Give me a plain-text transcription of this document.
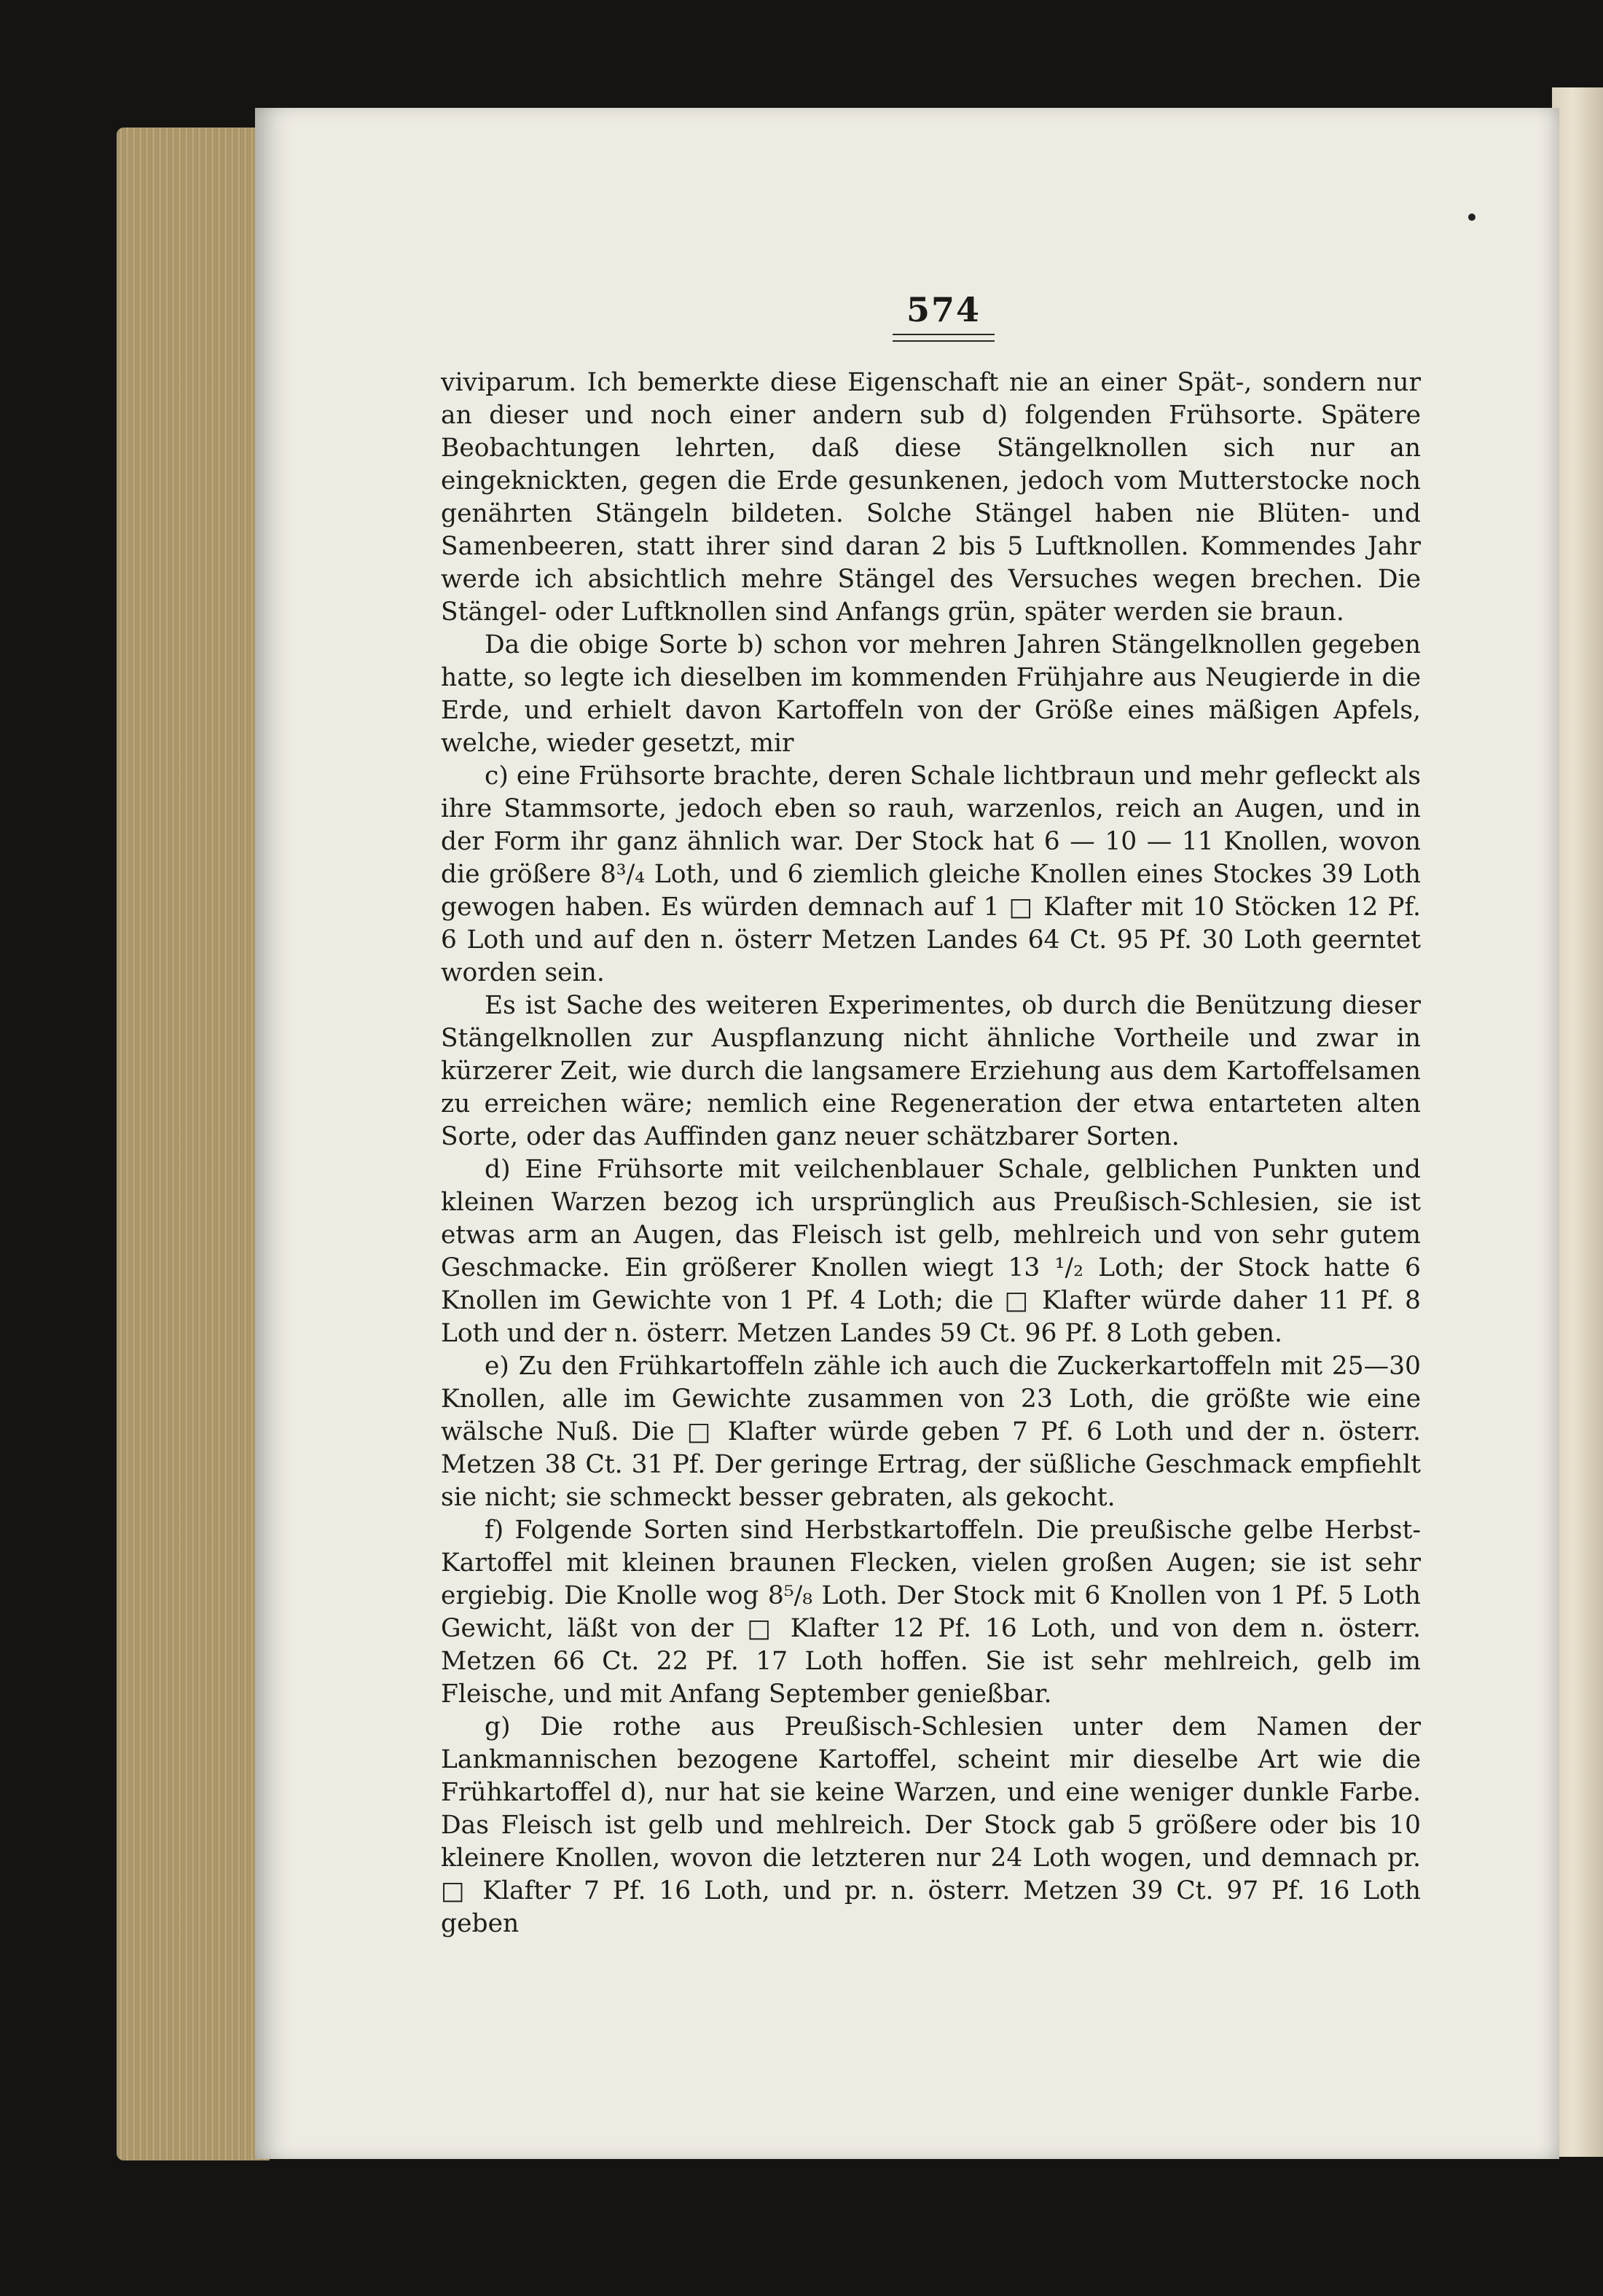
574

viviparum. Ich bemerkte diese Eigenschaft nie an einer Spät-, sondern nur an dieser und noch einer andern sub d) folgenden Frühsorte. Spätere Beobachtungen lehrten, daß diese Stängelknollen sich nur an eingeknickten, gegen die Erde gesunkenen, jedoch vom Mutterstocke noch genährten Stängeln bildeten. Solche Stängel haben nie Blüten- und Samenbeeren, statt ihrer sind daran 2 bis 5 Luftknollen. Kommendes Jahr werde ich absichtlich mehre Stängel des Versuches wegen brechen. Die Stängel- oder Luftknollen sind Anfangs grün, später werden sie braun.

Da die obige Sorte b) schon vor mehren Jahren Stängelknollen gegeben hatte, so legte ich dieselben im kommenden Frühjahre aus Neugierde in die Erde, und erhielt davon Kartoffeln von der Größe eines mäßigen Apfels, welche, wieder gesetzt, mir

c) eine Frühsorte brachte, deren Schale lichtbraun und mehr gefleckt als ihre Stammsorte, jedoch eben so rauh, warzenlos, reich an Augen, und in der Form ihr ganz ähnlich war. Der Stock hat 6 — 10 — 11 Knollen, wovon die größere 8³/₄ Loth, und 6 ziemlich gleiche Knollen eines Stockes 39 Loth gewogen haben. Es würden demnach auf 1 □ Klafter mit 10 Stöcken 12 Pf. 6 Loth und auf den n. österr Metzen Landes 64 Ct. 95 Pf. 30 Loth geerntet worden sein.

Es ist Sache des weiteren Experimentes, ob durch die Benützung dieser Stängelknollen zur Auspflanzung nicht ähnliche Vortheile und zwar in kürzerer Zeit, wie durch die langsamere Erziehung aus dem Kartoffelsamen zu erreichen wäre; nemlich eine Regeneration der etwa entarteten alten Sorte, oder das Auffinden ganz neuer schätzbarer Sorten.

d) Eine Frühsorte mit veilchenblauer Schale, gelblichen Punkten und kleinen Warzen bezog ich ursprünglich aus Preußisch-Schlesien, sie ist etwas arm an Augen, das Fleisch ist gelb, mehlreich und von sehr gutem Geschmacke. Ein größerer Knollen wiegt 13 ¹/₂ Loth; der Stock hatte 6 Knollen im Gewichte von 1 Pf. 4 Loth; die □ Klafter würde daher 11 Pf. 8 Loth und der n. österr. Metzen Landes 59 Ct. 96 Pf. 8 Loth geben.

e) Zu den Frühkartoffeln zähle ich auch die Zuckerkartoffeln mit 25—30 Knollen, alle im Gewichte zusammen von 23 Loth, die größte wie eine wälsche Nuß. Die □ Klafter würde geben 7 Pf. 6 Loth und der n. österr. Metzen 38 Ct. 31 Pf. Der geringe Ertrag, der süßliche Geschmack empfiehlt sie nicht; sie schmeckt besser gebraten, als gekocht.

f) Folgende Sorten sind Herbstkartoffeln. Die preußische gelbe Herbst-Kartoffel mit kleinen braunen Flecken, vielen großen Augen; sie ist sehr ergiebig. Die Knolle wog 8⁵/₈ Loth. Der Stock mit 6 Knollen von 1 Pf. 5 Loth Gewicht, läßt von der □ Klafter 12 Pf. 16 Loth, und von dem n. österr. Metzen 66 Ct. 22 Pf. 17 Loth hoffen. Sie ist sehr mehlreich, gelb im Fleische, und mit Anfang September genießbar.

g) Die rothe aus Preußisch-Schlesien unter dem Namen der Lankmannischen bezogene Kartoffel, scheint mir dieselbe Art wie die Frühkartoffel d), nur hat sie keine Warzen, und eine weniger dunkle Farbe. Das Fleisch ist gelb und mehlreich. Der Stock gab 5 größere oder bis 10 kleinere Knollen, wovon die letzteren nur 24 Loth wogen, und demnach pr. □ Klafter 7 Pf. 16 Loth, und pr. n. österr. Metzen 39 Ct. 97 Pf. 16 Loth geben
